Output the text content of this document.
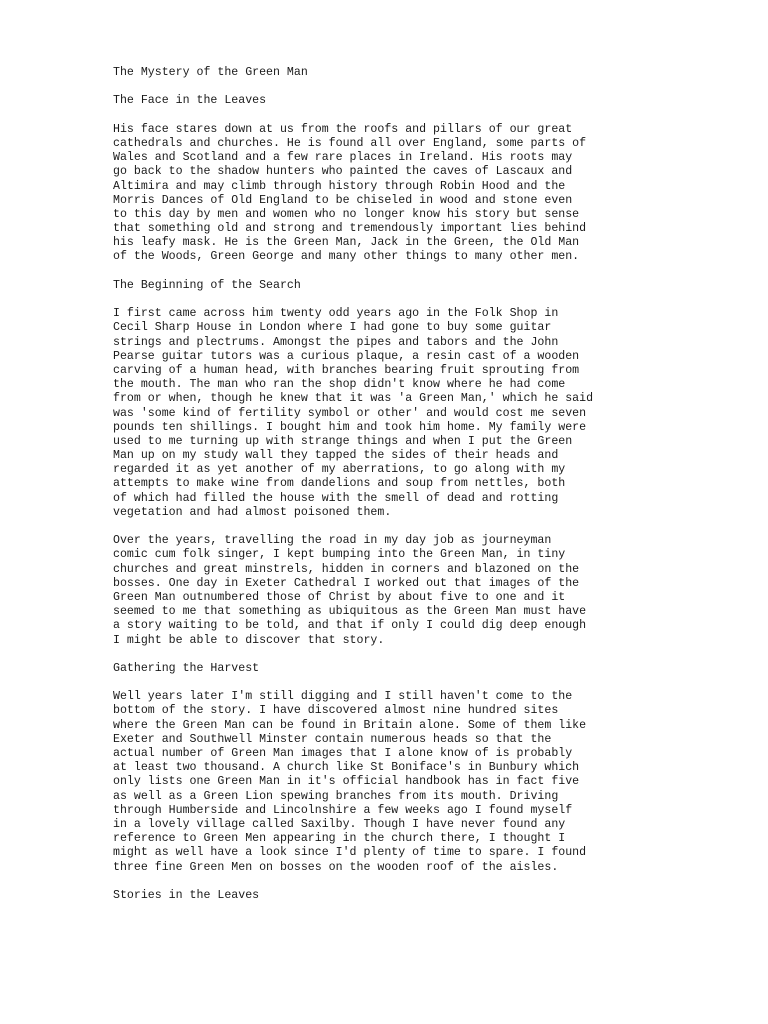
The Mystery of the Green Man
The Face in the Leaves
His face stares down at us from the roofs and pillars of our great
cathedrals and churches. He is found all over England, some parts of
Wales and Scotland and a few rare places in Ireland. His roots may
go back to the shadow hunters who painted the caves of Lascaux and
Altimira and may climb through history through Robin Hood and the
Morris Dances of Old England to be chiseled in wood and stone even
to this day by men and women who no longer know his story but sense
that something old and strong and tremendously important lies behind
his leafy mask. He is the Green Man, Jack in the Green, the Old Man
of the Woods, Green George and many other things to many other men.
The Beginning of the Search
I first came across him twenty odd years ago in the Folk Shop in
Cecil Sharp House in London where I had gone to buy some guitar
strings and plectrums. Amongst the pipes and tabors and the John
Pearse guitar tutors was a curious plaque, a resin cast of a wooden
carving of a human head, with branches bearing fruit sprouting from
the mouth. The man who ran the shop didn't know where he had come
from or when, though he knew that it was 'a Green Man,' which he said
was 'some kind of fertility symbol or other' and would cost me seven
pounds ten shillings. I bought him and took him home. My family were
used to me turning up with strange things and when I put the Green
Man up on my study wall they tapped the sides of their heads and
regarded it as yet another of my aberrations, to go along with my
attempts to make wine from dandelions and soup from nettles, both
of which had filled the house with the smell of dead and rotting
vegetation and had almost poisoned them.
Over the years, travelling the road in my day job as journeyman
comic cum folk singer, I kept bumping into the Green Man, in tiny
churches and great minstrels, hidden in corners and blazoned on the
bosses. One day in Exeter Cathedral I worked out that images of the
Green Man outnumbered those of Christ by about five to one and it
seemed to me that something as ubiquitous as the Green Man must have
a story waiting to be told, and that if only I could dig deep enough
I might be able to discover that story.
Gathering the Harvest
Well years later I'm still digging and I still haven't come to the
bottom of the story. I have discovered almost nine hundred sites
where the Green Man can be found in Britain alone. Some of them like
Exeter and Southwell Minster contain numerous heads so that the
actual number of Green Man images that I alone know of is probably
at least two thousand. A church like St Boniface's in Bunbury which
only lists one Green Man in it's official handbook has in fact five
as well as a Green Lion spewing branches from its mouth. Driving
through Humberside and Lincolnshire a few weeks ago I found myself
in a lovely village called Saxilby. Though I have never found any
reference to Green Men appearing in the church there, I thought I
might as well have a look since I'd plenty of time to spare. I found
three fine Green Men on bosses on the wooden roof of the aisles.
Stories in the Leaves
